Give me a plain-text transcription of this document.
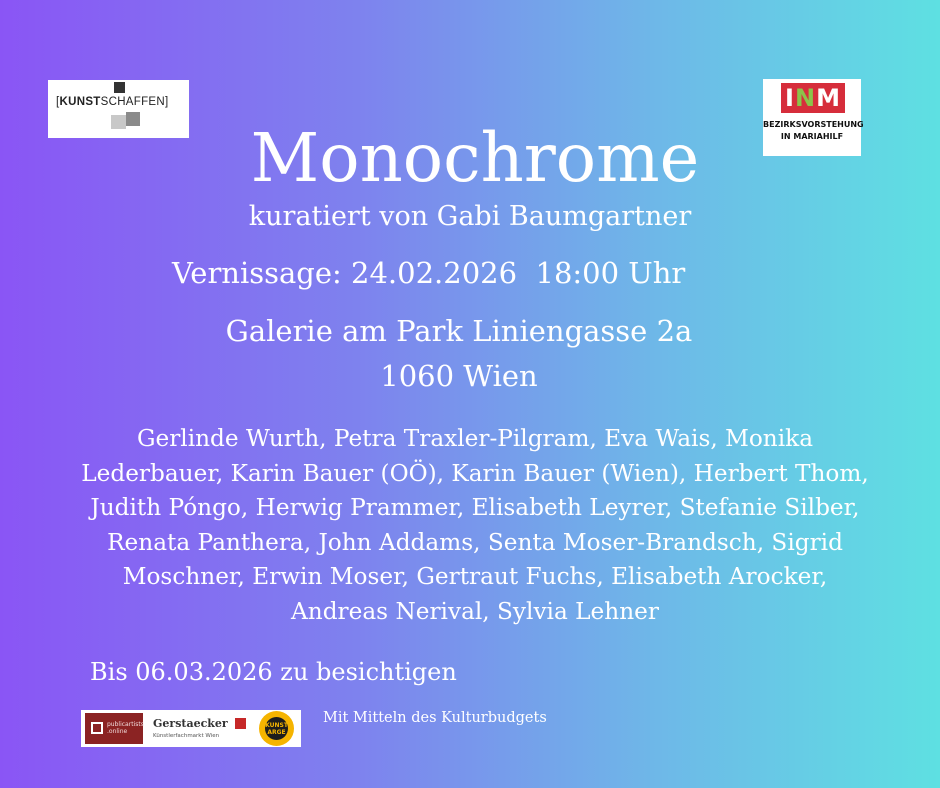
[KUNSTSCHAFFEN]	INM
BEZIRKSVORSTEHUNG
IN MARIAHILF
Monochrome
kuratiert von Gabi Baumgartner
Vernissage: 24.02.2026  18:00 Uhr
Galerie am Park Liniengasse 2a
1060 Wien
Gerlinde Wurth, Petra Traxler-Pilgram, Eva Wais, Monika Lederbauer, Karin Bauer (OÖ), Karin Bauer (Wien), Herbert Thom, Judith Póngo, Herwig Prammer, Elisabeth Leyrer, Stefanie Silber, Renata Panthera, John Addams, Senta Moser-Brandsch, Sigrid Moschner, Erwin Moser, Gertraut Fuchs, Elisabeth Arocker, Andreas Nerival, Sylvia Lehner
Bis 06.03.2026 zu besichtigen
Mit Mitteln des Kulturbudgets
publicartists
.online
Gerstaecker
Künstlerfachmarkt Wien
KUNST
ARGE
